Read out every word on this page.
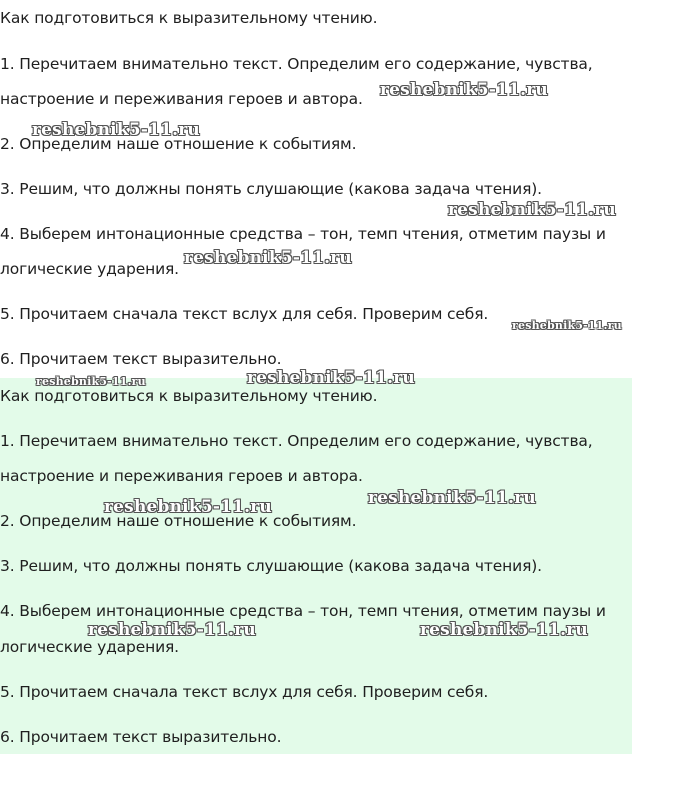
Как подготовиться к выразительному чтению.
1. Перечитаем внимательно текст. Определим его содержание, чувства,
настроение и переживания героев и автора.
2. Определим наше отношение к событиям.
3. Решим, что должны понять слушающие (какова задача чтения).
4. Выберем интонационные средства – тон, темп чтения, отметим паузы и
логические ударения.
5. Прочитаем сначала текст вслух для себя. Проверим себя.
6. Прочитаем текст выразительно.
Как подготовиться к выразительному чтению.
1. Перечитаем внимательно текст. Определим его содержание, чувства,
настроение и переживания героев и автора.
2. Определим наше отношение к событиям.
3. Решим, что должны понять слушающие (какова задача чтения).
4. Выберем интонационные средства – тон, темп чтения, отметим паузы и
логические ударения.
5. Прочитаем сначала текст вслух для себя. Проверим себя.
6. Прочитаем текст выразительно.
reshebnik5-11.ru
reshebnik5-11.ru
reshebnik5-11.ru
reshebnik5-11.ru
reshebnik5-11.ru
reshebnik5-11.ru	reshebnik5-11.ru
reshebnik5-11.ru
reshebnik5-11.ru
reshebnik5-11.ru	reshebnik5-11.ru
